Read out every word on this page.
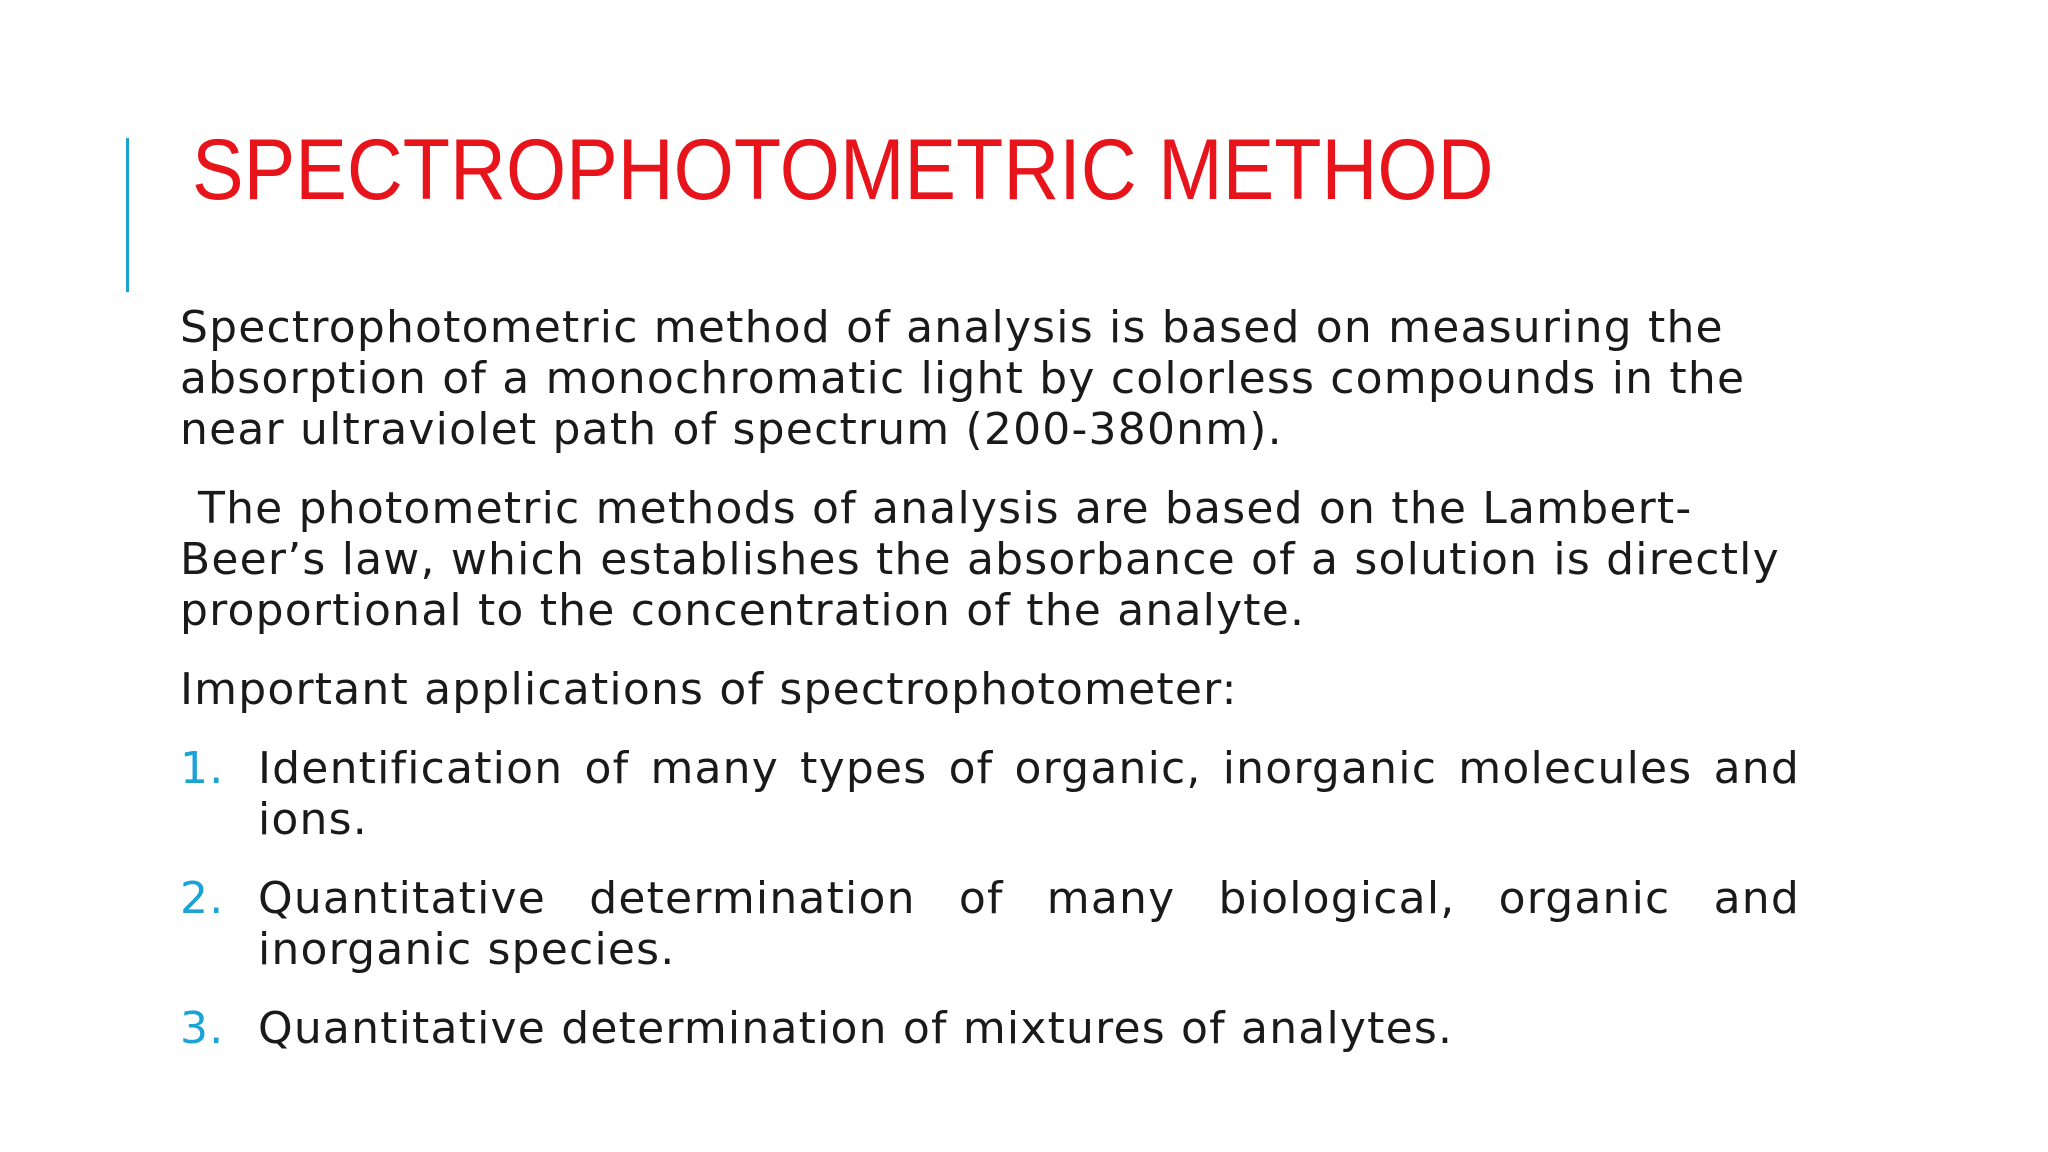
SPECTROPHOTOMETRIC METHOD

Spectrophotometric method of analysis is based on measuring the absorption of a monochromatic light by colorless compounds in the near ultraviolet path of spectrum (200-380nm).

The photometric methods of analysis are based on the Lambert-Beer’s law, which establishes the absorbance of a solution is directly proportional to the concentration of the analyte.

Important applications of spectrophotometer:

1. Identification of many types of organic, inorganic molecules and ions.
2. Quantitative determination of many biological, organic and inorganic species.
3. Quantitative determination of mixtures of analytes.
